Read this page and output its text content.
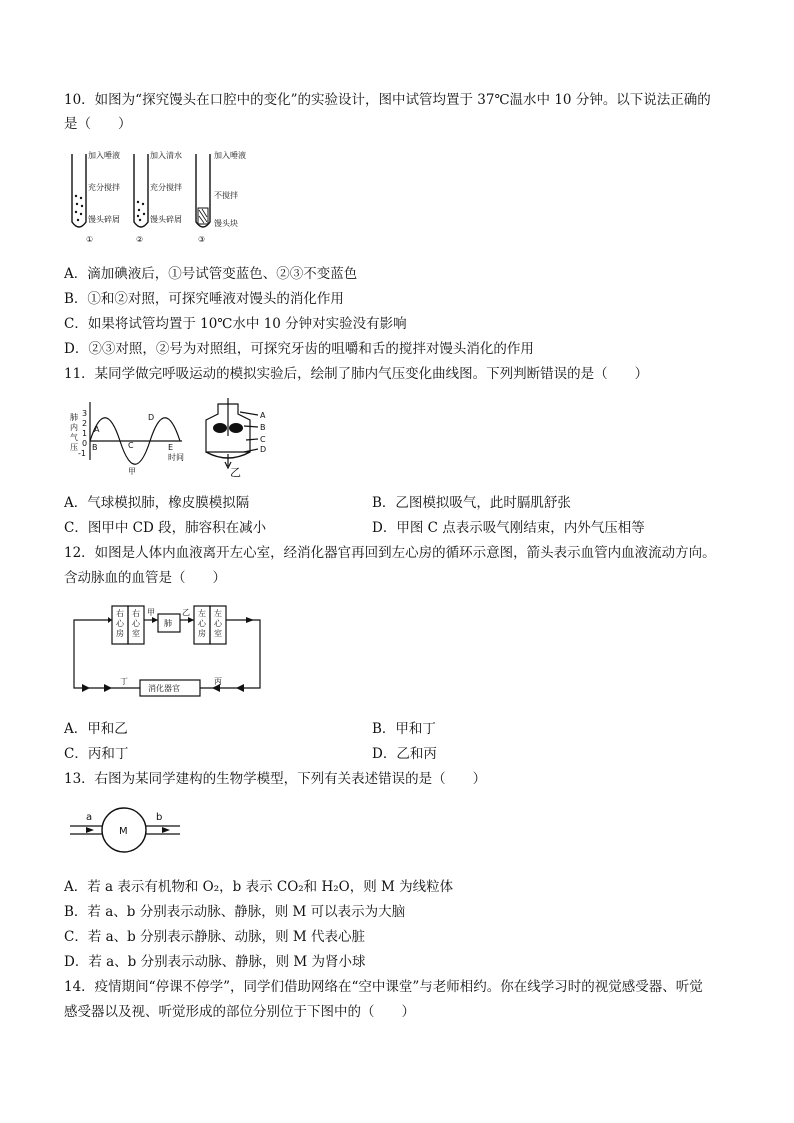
10．如图为“探究馒头在口腔中的变化”的实验设计，图中试管均置于 37℃温水中 10 分钟。以下说法正确的
是（　　）
加入唾液	加入清水	加入唾液
充分搅拌	充分搅拌
不搅拌
馒头碎屑	馒头碎屑	馒头块
①	②	③
A．滴加碘液后，①号试管变蓝色、②③不变蓝色
B．①和②对照，可探究唾液对馒头的消化作用
C．如果将试管均置于 10℃水中 10 分钟对实验没有影响
D．②③对照，②号为对照组，可探究牙齿的咀嚼和舌的搅拌对馒头消化的作用
11．某同学做完呼吸运动的模拟实验后，绘制了肺内气压变化曲线图。下列判断错误的是（　　）
肺
内
气
压
3
2
1
0
-1
A
B	C
D
E
时间
甲
A
B
C
D
乙
A．气球模拟肺，橡皮膜模拟隔	B．乙图模拟吸气，此时膈肌舒张
C．图甲中 CD 段，肺容积在减小	D．甲图 C 点表示吸气刚结束，内外气压相等
12．如图是人体内血液离开左心室，经消化器官再回到左心房的循环示意图，箭头表示血管内血液流动方向。
含动脉血的血管是（　　）
右
心
房
右
心
室
左
心
房
左
心
室
肺
甲	乙
丙
丁
消化器官
A．甲和乙	B．甲和丁
C．丙和丁	D．乙和丙
13．右图为某同学建构的生物学模型，下列有关表述错误的是（　　）
a	b
M
A．若 a 表示有机物和 O₂，b 表示 CO₂和 H₂O，则 M 为线粒体
B．若 a、b 分别表示动脉、静脉，则 M 可以表示为大脑
C．若 a、b 分别表示静脉、动脉，则 M 代表心脏
D．若 a、b 分别表示动脉、静脉，则 M 为肾小球
14．疫情期间“停课不停学”，同学们借助网络在“空中课堂”与老师相约。你在线学习时的视觉感受器、听觉
感受器以及视、听觉形成的部位分别位于下图中的（　　）
